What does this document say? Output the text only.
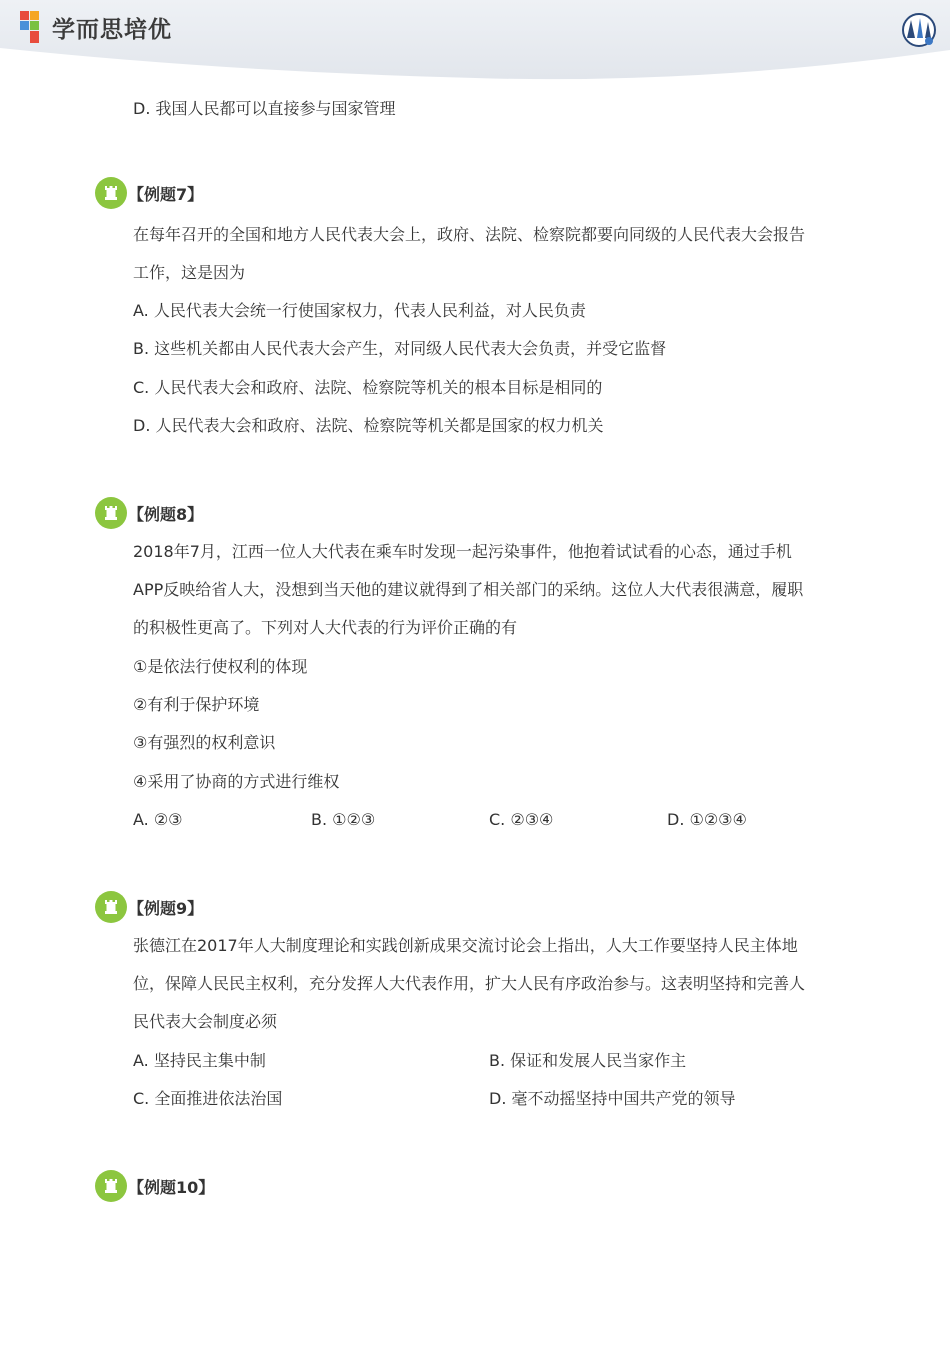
学而思培优
D. 我国人民都可以直接参与国家管理
【例题7】
在每年召开的全国和地方人民代表大会上，政府、法院、检察院都要向同级的人民代表大会报告
工作，这是因为
A. 人民代表大会统一行使国家权力，代表人民利益，对人民负责
B. 这些机关都由人民代表大会产生，对同级人民代表大会负责，并受它监督
C. 人民代表大会和政府、法院、检察院等机关的根本目标是相同的
D. 人民代表大会和政府、法院、检察院等机关都是国家的权力机关
【例题8】
2018年7月，江西一位人大代表在乘车时发现一起污染事件，他抱着试试看的心态，通过手机
APP反映给省人大，没想到当天他的建议就得到了相关部门的采纳。这位人大代表很满意，履职
的积极性更高了。下列对人大代表的行为评价正确的有
①是依法行使权利的体现
②有利于保护环境
③有强烈的权利意识
④采用了协商的方式进行维权
A. ②③	B. ①②③	C. ②③④	D. ①②③④
【例题9】
张德江在2017年人大制度理论和实践创新成果交流讨论会上指出，人大工作要坚持人民主体地
位，保障人民民主权利，充分发挥人大代表作用，扩大人民有序政治参与。这表明坚持和完善人
民代表大会制度必须
A. 坚持民主集中制	B. 保证和发展人民当家作主
C. 全面推进依法治国	D. 毫不动摇坚持中国共产党的领导
【例题10】
